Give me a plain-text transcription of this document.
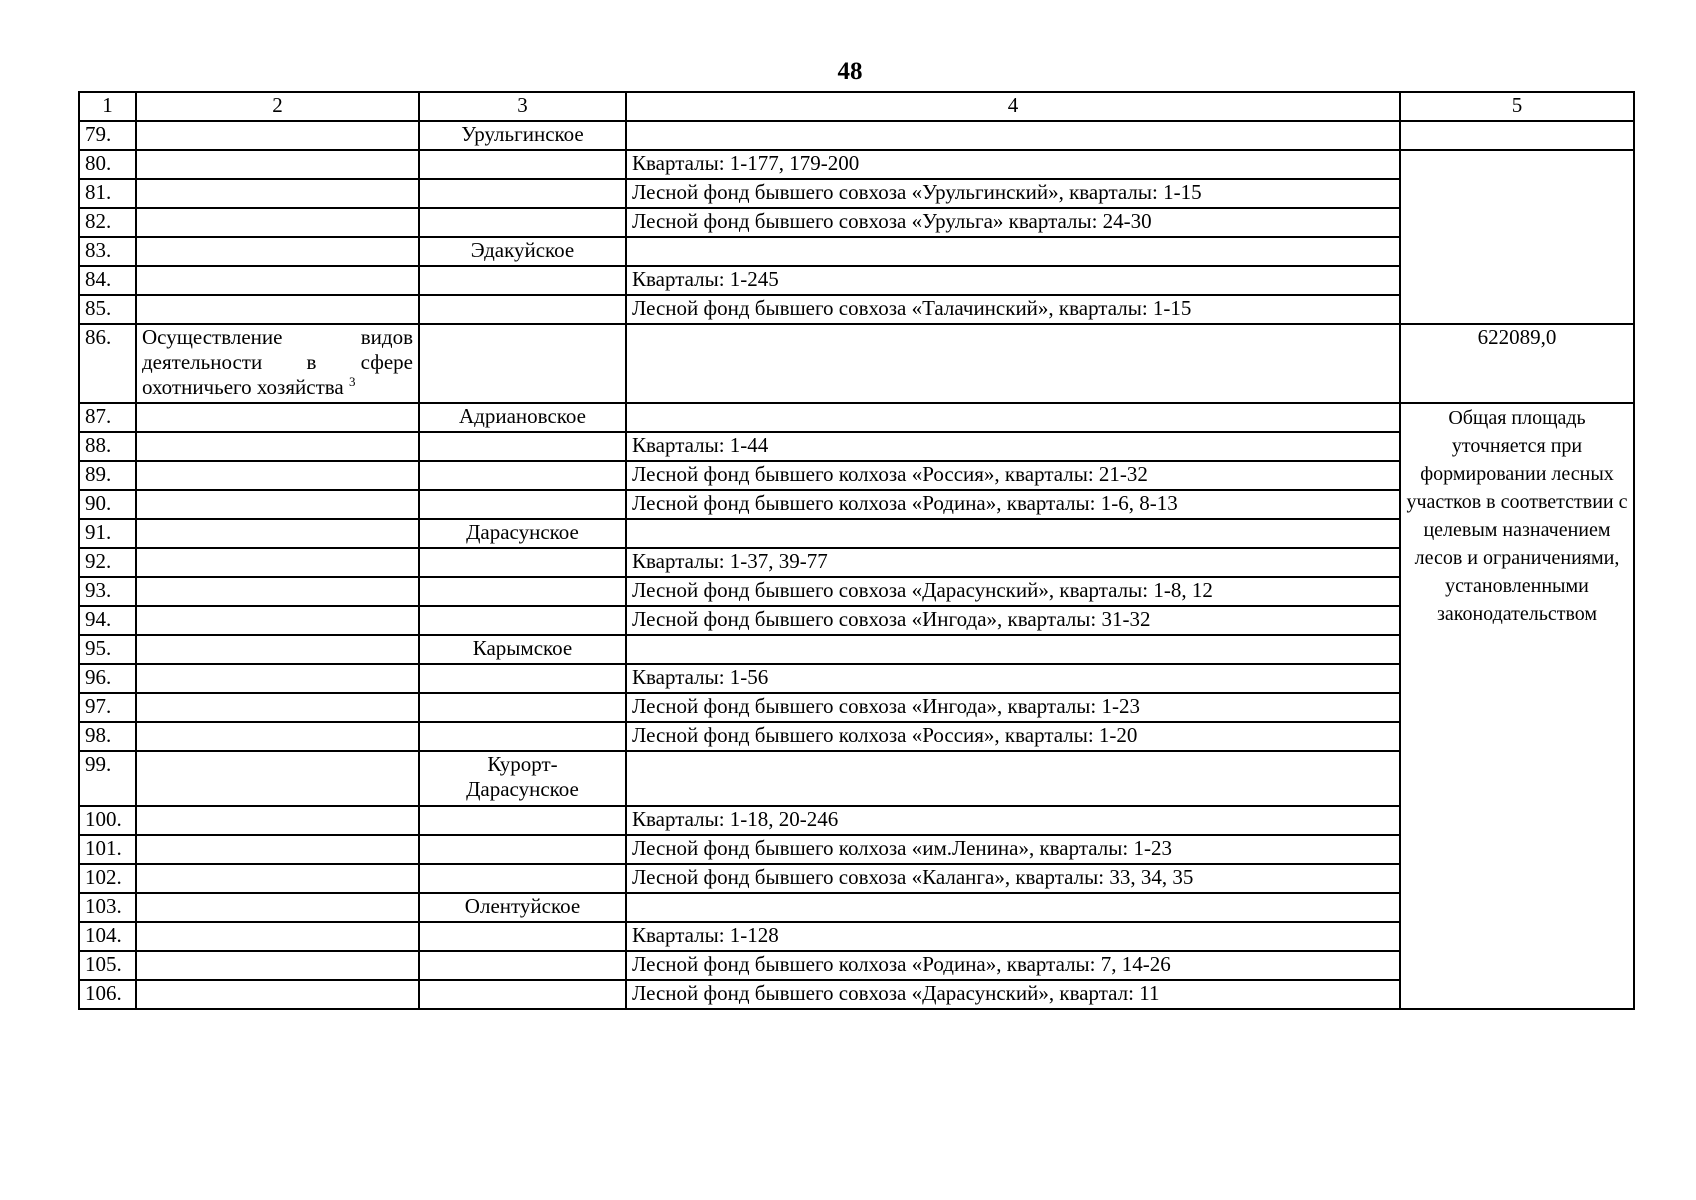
48
1	2	3	4	5
79.		Урульгинское		
80.			Кварталы: 1-177, 179-200	
81.			Лесной фонд бывшего совхоза «Урульгинский», кварталы: 1-15	
82.			Лесной фонд бывшего совхоза «Урульга» кварталы: 24-30	
83.		Эдакуйское		
84.			Кварталы: 1-245	
85.			Лесной фонд бывшего совхоза «Талачинский», кварталы: 1-15	
86.	Осуществление видов деятельности в сфере охотничьего хозяйства $^3$			622089,0
87.		Адриановское		Общая площадь уточняется при формировании лесных участков в соответствии с целевым назначением лесов и ограничениями, установленными законодательством
88.			Кварталы: 1-44	
89.			Лесной фонд бывшего колхоза «Россия», кварталы: 21-32	
90.			Лесной фонд бывшего колхоза «Родина», кварталы: 1-6, 8-13	
91.		Дарасунское		
92.			Кварталы: 1-37, 39-77	
93.			Лесной фонд бывшего совхоза «Дарасунский», кварталы: 1-8, 12	
94.			Лесной фонд бывшего совхоза «Ингода», кварталы: 31-32	
95.		Карымское		
96.			Кварталы: 1-56	
97.			Лесной фонд бывшего совхоза «Ингода», кварталы: 1-23	
98.			Лесной фонд бывшего колхоза «Россия», кварталы: 1-20	
99.		Курорт-Дарасунское		
100.			Кварталы: 1-18, 20-246	
101.			Лесной фонд бывшего колхоза «им.Ленина», кварталы: 1-23	
102.			Лесной фонд бывшего совхоза «Каланга», кварталы: 33, 34, 35	
103.		Олентуйское		
104.			Кварталы: 1-128	
105.			Лесной фонд бывшего колхоза «Родина», кварталы: 7, 14-26	
106.			Лесной фонд бывшего совхоза «Дарасунский», квартал: 11	
